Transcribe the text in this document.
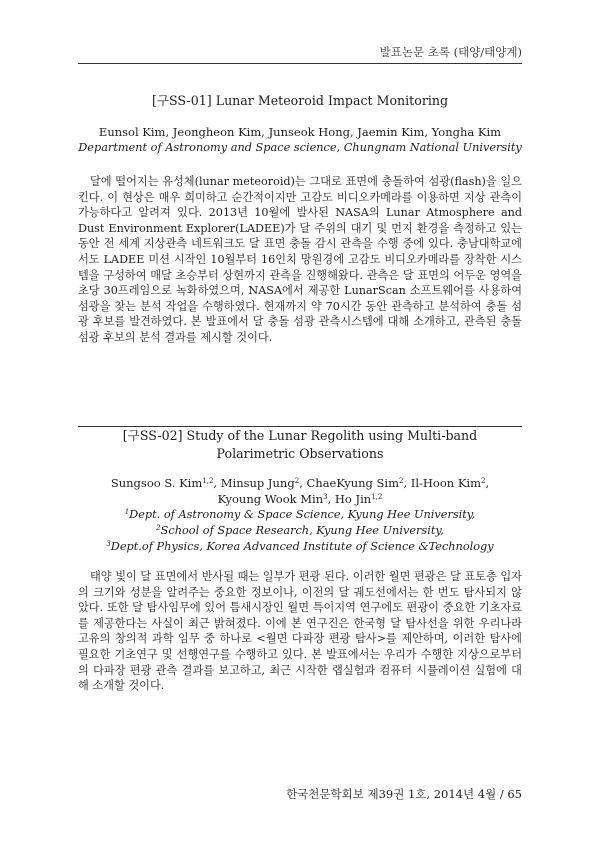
발표논문 초록 (태양/태양계)
[구SS-01] Lunar Meteoroid Impact Monitoring
Eunsol Kim, Jeongheon Kim, Junseok Hong, Jaemin Kim, Yongha Kim
Department of Astronomy and Space science, Chungnam National University

달에 떨어지는 유성체(lunar meteoroid)는 그대로 표면에 충돌하여 섬광(flash)을 일으킨다. 이 현상은 매우 희미하고 순간적이지만 고감도 비디오카메라를 이용하면 지상 관측이 가능하다고 알려져 있다. 2013년 10월에 발사된 NASA의 Lunar Atmosphere and Dust Environment Explorer(LADEE)가 달 주위의 대기 및 먼지 환경을 측정하고 있는 동안 전 세계 지상관측 네트워크도 달 표면 충돌 감시 관측을 수행 중에 있다. 충남대학교에서도 LADEE 미션 시작인 10월부터 16인치 망원경에 고감도 비디오카메라를 장착한 시스템을 구성하여 매달 초승부터 상현까지 관측을 진행해왔다. 관측은 달 표면의 어두운 영역을 초당 30프레임으로 녹화하였으며, NASA에서 제공한 LunarScan 소프트웨어를 사용하여 섬광을 찾는 분석 작업을 수행하였다. 현재까지 약 70시간 동안 관측하고 분석하여 충돌 섬광 후보를 발견하였다. 본 발표에서 달 충돌 섬광 관측시스템에 대해 소개하고, 관측된 충돌 섬광 후보의 분석 결과를 제시할 것이다.

[구SS-02] Study of the Lunar Regolith using Multi-band Polarimetric Observations
Sungsoo S. Kim$^{1,2}$, Minsup Jung$^2$, ChaeKyung Sim$^2$, Il-Hoon Kim$^2$,
Kyoung Wook Min$^3$, Ho Jin$^{1,2}$
$^1$Dept. of Astronomy & Space Science, Kyung Hee University,
$^2$School of Space Research, Kyung Hee University,
$^3$Dept.of Physics, Korea Advanced Institute of Science &Technology

태양 빛이 달 표면에서 반사될 때는 일부가 편광 된다. 이러한 월면 편광은 달 표토층 입자의 크기와 성분을 알려주는 중요한 정보이나, 이전의 달 궤도선에서는 한 번도 탐사되지 않았다. 또한 달 탐사임무에 있어 틈새시장인 월면 특이지역 연구에도 편광이 중요한 기초자료를 제공한다는 사실이 최근 밝혀졌다. 이에 본 연구진은 한국형 달 탐사선을 위한 우리나라 고유의 창의적 과학 임무 중 하나로 <월면 다파장 편광 탐사>를 제안하며, 이러한 탐사에 필요한 기초연구 및 선행연구를 수행하고 있다. 본 발표에서는 우리가 수행한 지상으로부터의 다파장 편광 관측 결과를 보고하고, 최근 시작한 랩실험과 컴퓨터 시뮬레이션 실험에 대해 소개할 것이다.

한국천문학회보 제39권 1호, 2014년 4월 / 65
